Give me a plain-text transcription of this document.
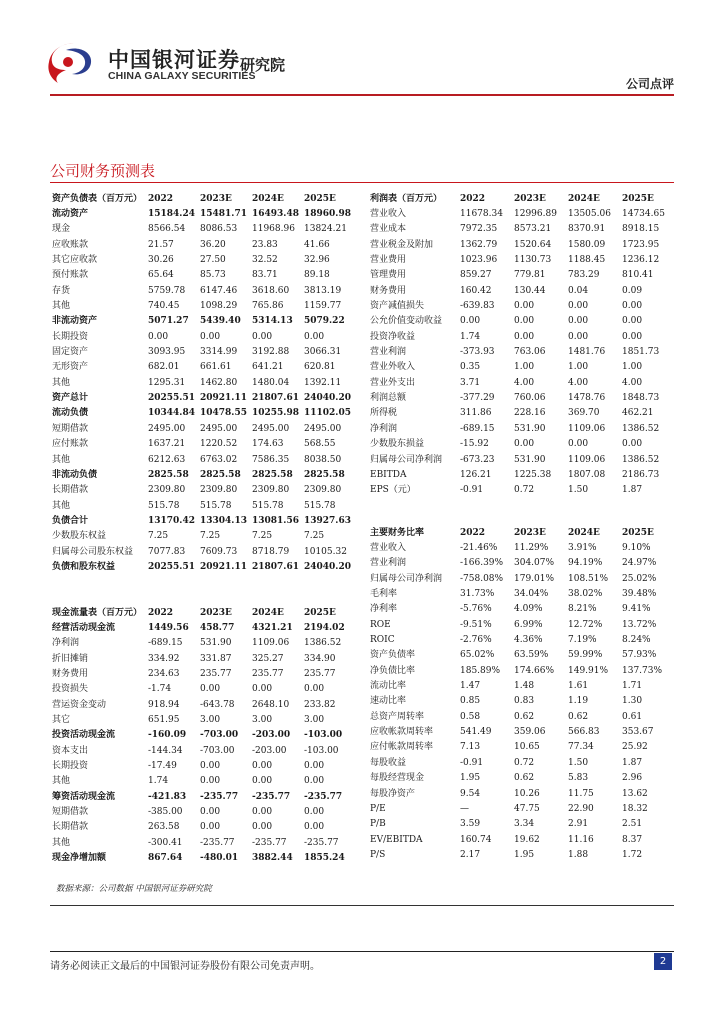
中国银河证券
CHINA GALAXY SECURITIES
研究院
公司点评
公司财务预测表
资产负债表（百万元）	2022	2023E	2024E	2025E
流动资产	15184.24	15481.71	16493.48	18960.98
现金	8566.54	8086.53	11968.96	13824.21
应收账款	21.57	36.20	23.83	41.66
其它应收款	30.26	27.50	32.52	32.96
预付账款	65.64	85.73	83.71	89.18
存货	5759.78	6147.46	3618.60	3813.19
其他	740.45	1098.29	765.86	1159.77
非流动资产	5071.27	5439.40	5314.13	5079.22
长期投资	0.00	0.00	0.00	0.00
固定资产	3093.95	3314.99	3192.88	3066.31
无形资产	682.01	661.61	641.21	620.81
其他	1295.31	1462.80	1480.04	1392.11
资产总计	20255.51	20921.11	21807.61	24040.20
流动负债	10344.84	10478.55	10255.98	11102.05
短期借款	2495.00	2495.00	2495.00	2495.00
应付账款	1637.21	1220.52	174.63	568.55
其他	6212.63	6763.02	7586.35	8038.50
非流动负债	2825.58	2825.58	2825.58	2825.58
长期借款	2309.80	2309.80	2309.80	2309.80
其他	515.78	515.78	515.78	515.78
负债合计	13170.42	13304.13	13081.56	13927.63
少数股东权益	7.25	7.25	7.25	7.25
归属母公司股东权益	7077.83	7609.73	8718.79	10105.32
负债和股东权益	20255.51	20921.11	21807.61	24040.20
利润表（百万元）	2022	2023E	2024E	2025E
营业收入	11678.34	12996.89	13505.06	14734.65
营业成本	7972.35	8573.21	8370.91	8918.15
营业税金及附加	1362.79	1520.64	1580.09	1723.95
营业费用	1023.96	1130.73	1188.45	1236.12
管理费用	859.27	779.81	783.29	810.41
财务费用	160.42	130.44	0.04	0.09
资产减值损失	-639.83	0.00	0.00	0.00
公允价值变动收益	0.00	0.00	0.00	0.00
投资净收益	1.74	0.00	0.00	0.00
营业利润	-373.93	763.06	1481.76	1851.73
营业外收入	0.35	1.00	1.00	1.00
营业外支出	3.71	4.00	4.00	4.00
利润总额	-377.29	760.06	1478.76	1848.73
所得税	311.86	228.16	369.70	462.21
净利润	-689.15	531.90	1109.06	1386.52
少数股东损益	-15.92	0.00	0.00	0.00
归属母公司净利润	-673.23	531.90	1109.06	1386.52
EBITDA	126.21	1225.38	1807.08	2186.73
EPS（元）	-0.91	0.72	1.50	1.87
主要财务比率	2022	2023E	2024E	2025E
营业收入	-21.46%	11.29%	3.91%	9.10%
营业利润	-166.39%	304.07%	94.19%	24.97%
归属母公司净利润	-758.08%	179.01%	108.51%	25.02%
毛利率	31.73%	34.04%	38.02%	39.48%
净利率	-5.76%	4.09%	8.21%	9.41%
ROE	-9.51%	6.99%	12.72%	13.72%
ROIC	-2.76%	4.36%	7.19%	8.24%
资产负债率	65.02%	63.59%	59.99%	57.93%
净负债比率	185.89%	174.66%	149.91%	137.73%
流动比率	1.47	1.48	1.61	1.71
速动比率	0.85	0.83	1.19	1.30
总资产周转率	0.58	0.62	0.62	0.61
应收帐款周转率	541.49	359.06	566.83	353.67
应付帐款周转率	7.13	10.65	77.34	25.92
每股收益	-0.91	0.72	1.50	1.87
每股经营现金	1.95	0.62	5.83	2.96
每股净资产	9.54	10.26	11.75	13.62
P/E	—	47.75	22.90	18.32
P/B	3.59	3.34	2.91	2.51
EV/EBITDA	160.74	19.62	11.16	8.37
P/S	2.17	1.95	1.88	1.72
现金流量表（百万元）	2022	2023E	2024E	2025E
经营活动现金流	1449.56	458.77	4321.21	2194.02
净利润	-689.15	531.90	1109.06	1386.52
折旧摊销	334.92	331.87	325.27	334.90
财务费用	234.63	235.77	235.77	235.77
投资损失	-1.74	0.00	0.00	0.00
营运资金变动	918.94	-643.78	2648.10	233.82
其它	651.95	3.00	3.00	3.00
投资活动现金流	-160.09	-703.00	-203.00	-103.00
资本支出	-144.34	-703.00	-203.00	-103.00
长期投资	-17.49	0.00	0.00	0.00
其他	1.74	0.00	0.00	0.00
筹资活动现金流	-421.83	-235.77	-235.77	-235.77
短期借款	-385.00	0.00	0.00	0.00
长期借款	263.58	0.00	0.00	0.00
其他	-300.41	-235.77	-235.77	-235.77
现金净增加额	867.64	-480.01	3882.44	1855.24
数据来源：公司数据 中国银河证券研究院
请务必阅读正文最后的中国银河证券股份有限公司免责声明。	2
